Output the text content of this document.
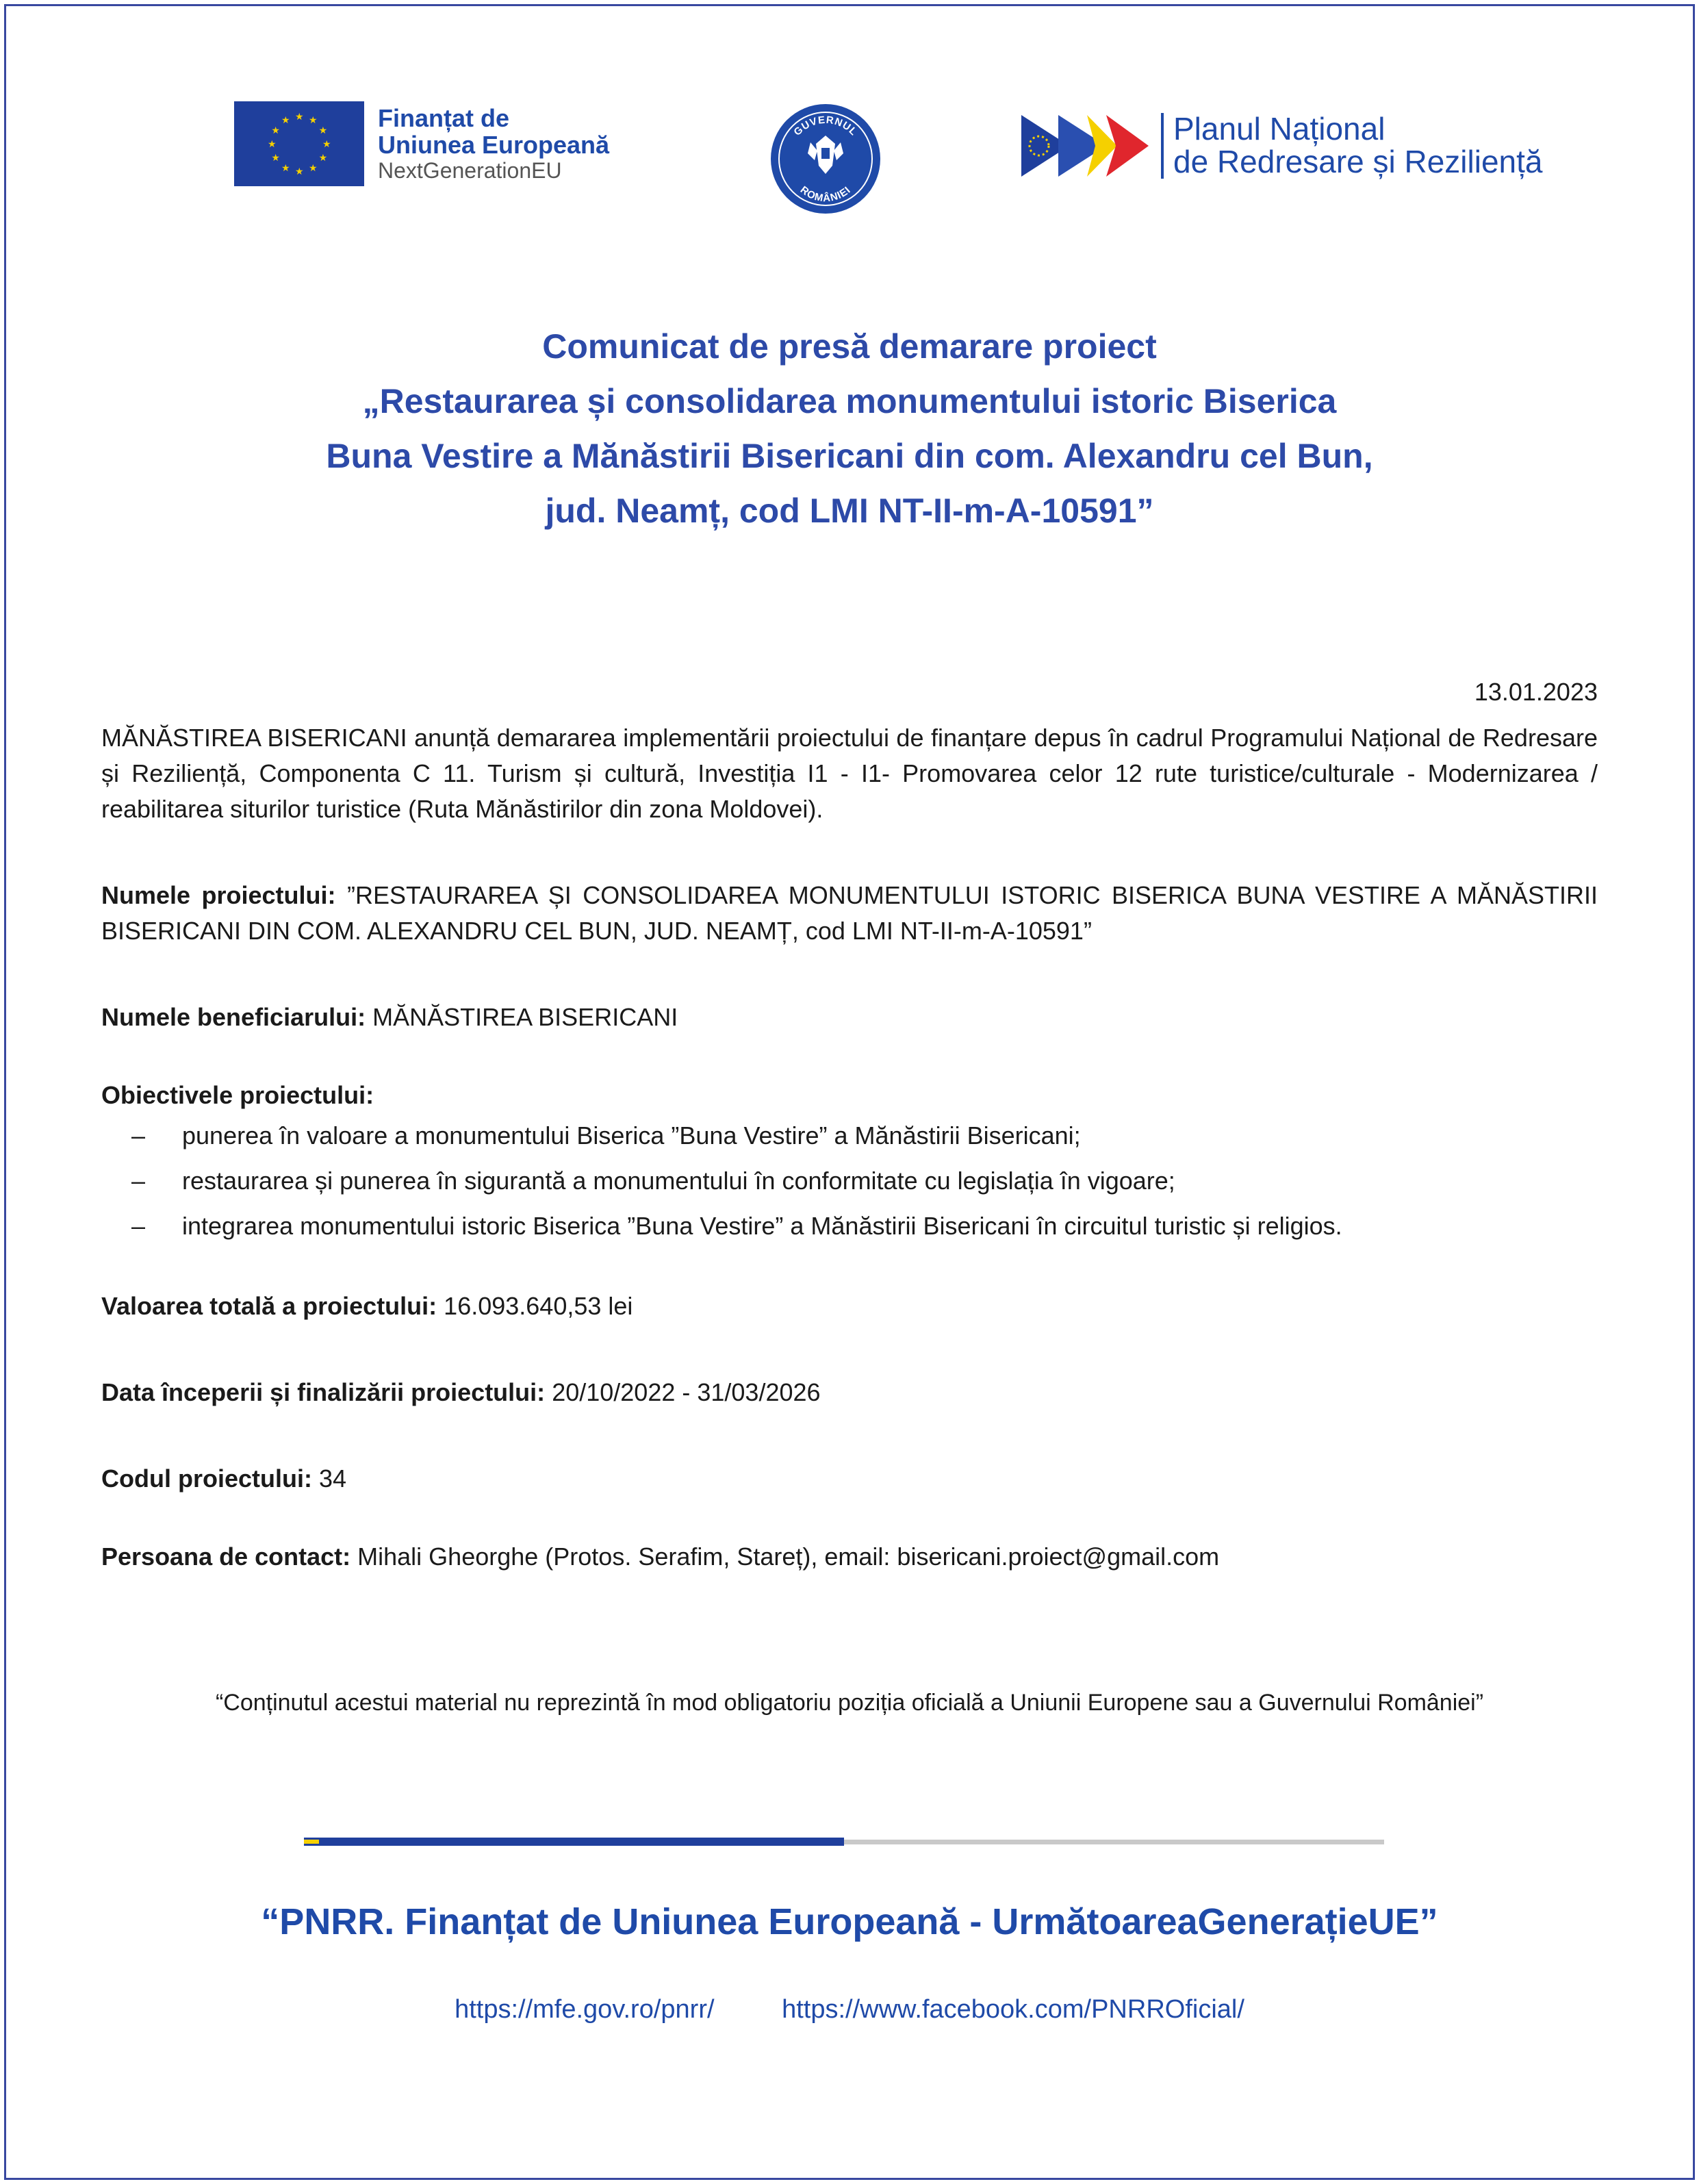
★ ★
★
★
★
★
★
★
★
★
★
★	Finanțat de
Uniunea Europeană
NextGenerationEU
GUVERNUL
ROMÂNIEI
Planul Național
de Redresare și Reziliență
Comunicat de presă demarare proiect
„Restaurarea și consolidarea monumentului istoric Biserica
Buna Vestire a Mănăstirii Bisericani din com. Alexandru cel Bun,
jud. Neamț, cod LMI NT-II-m-A-10591”
13.01.2023

MĂNĂSTIREA BISERICANI anunță demararea implementării proiectului de finanțare depus în cadrul Programului Național de Redresare și Reziliență, Componenta C 11. Turism și cultură, Investiția I1 - I1- Promovarea celor 12 rute turistice/culturale - Modernizarea / reabilitarea siturilor turistice (Ruta Mănăstirilor din zona Moldovei).

Numele proiectului: ”RESTAURAREA ȘI CONSOLIDAREA MONUMENTULUI ISTORIC BISERICA BUNA VESTIRE A MĂNĂSTIRII BISERICANI DIN COM. ALEXANDRU CEL BUN, JUD. NEAMȚ, cod LMI NT-II-m-A-10591”

Numele beneficiarului: MĂNĂSTIREA BISERICANI

Obiectivele proiectului:
– punerea în valoare a monumentului Biserica ”Buna Vestire” a Mănăstirii Bisericani;
– restaurarea și punerea în sigurantă a monumentului în conformitate cu legislația în vigoare;
– integrarea monumentului istoric Biserica ”Buna Vestire” a Mănăstirii Bisericani în circuitul turistic și religios.

Valoarea totală a proiectului: 16.093.640,53 lei

Data începerii și finalizării proiectului: 20/10/2022 - 31/03/2026

Codul proiectului: 34

Persoana de contact: Mihali Gheorghe (Protos. Serafim, Stareț), email: bisericani.proiect@gmail.com

“Conținutul acestui material nu reprezintă în mod obligatoriu poziția oficială a Uniunii Europene sau a Guvernului României”
“PNRR. Finanțat de Uniunea Europeană - UrmătoareaGenerațieUE”
https://mfe.gov.ro/pnrr/	https://www.facebook.com/PNRROficial/
